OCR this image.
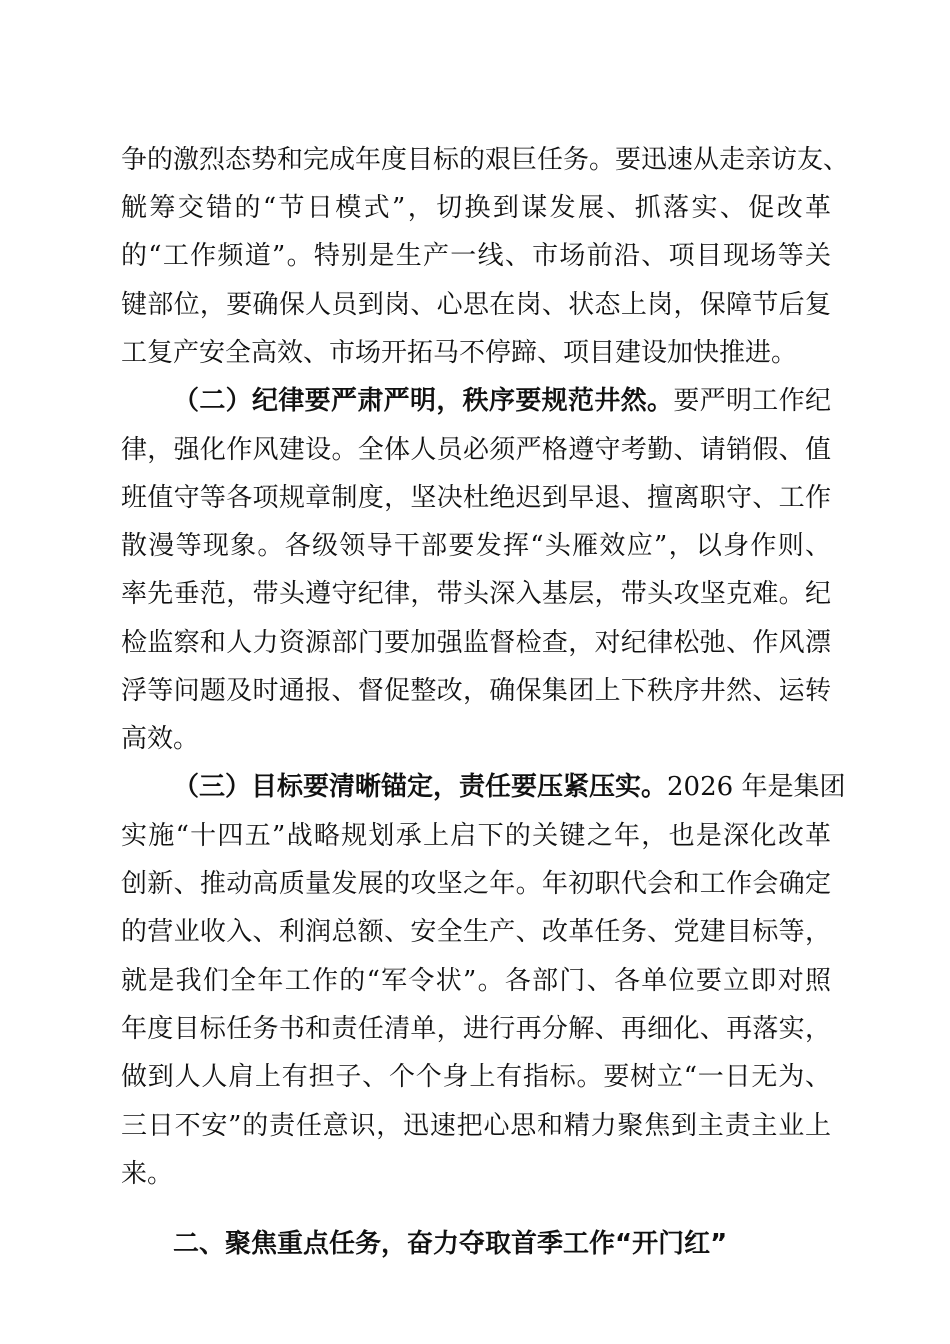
争的激烈态势和完成年度目标的艰巨任务。要迅速从走亲访友、
觥筹交错的“节日模式”，切换到谋发展、抓落实、促改革
的“工作频道”。特别是生产一线、市场前沿、项目现场等关
键部位，要确保人员到岗、心思在岗、状态上岗，保障节后复
工复产安全高效、市场开拓马不停蹄、项目建设加快推进。
（二）纪律要严肃严明，秩序要规范井然。要严明工作纪
律，强化作风建设。全体人员必须严格遵守考勤、请销假、值
班值守等各项规章制度，坚决杜绝迟到早退、擅离职守、工作
散漫等现象。各级领导干部要发挥“头雁效应”，以身作则、
率先垂范，带头遵守纪律，带头深入基层，带头攻坚克难。纪
检监察和人力资源部门要加强监督检查，对纪律松弛、作风漂
浮等问题及时通报、督促整改，确保集团上下秩序井然、运转
高效。
（三）目标要清晰锚定，责任要压紧压实。2026 年是集团
实施“十四五”战略规划承上启下的关键之年，也是深化改革
创新、推动高质量发展的攻坚之年。年初职代会和工作会确定
的营业收入、利润总额、安全生产、改革任务、党建目标等，
就是我们全年工作的“军令状”。各部门、各单位要立即对照
年度目标任务书和责任清单，进行再分解、再细化、再落实，
做到人人肩上有担子、个个身上有指标。要树立“一日无为、
三日不安”的责任意识，迅速把心思和精力聚焦到主责主业上
来。
二、聚焦重点任务，奋力夺取首季工作“开门红”
